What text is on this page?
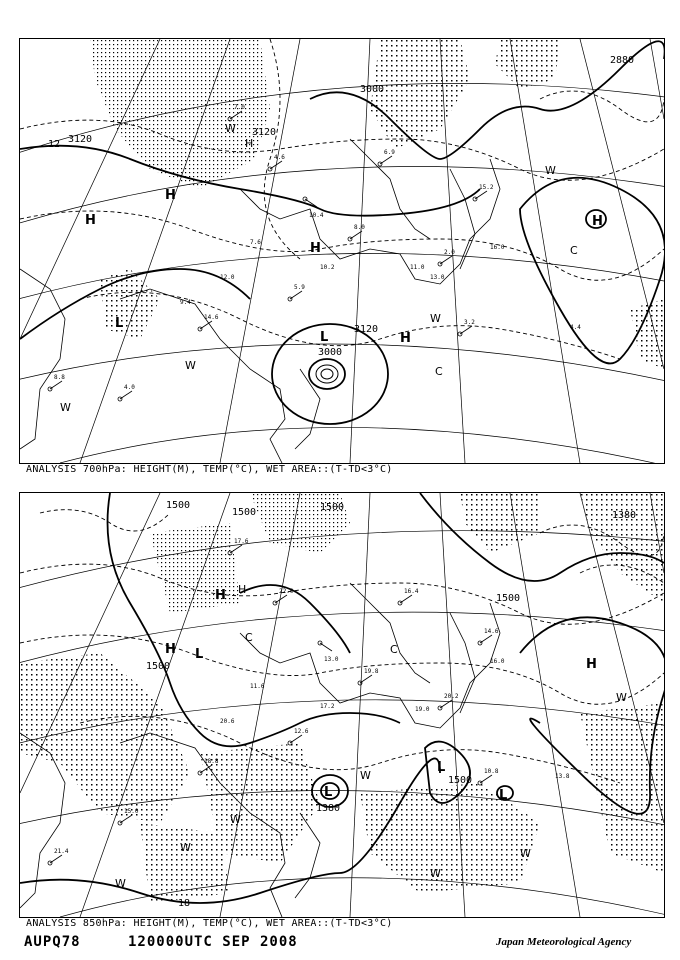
7.0
4.6
10.4
8.0
6.9
2.0
15.2
14.6
5.9
4.0
8.8
3.2
10.2	11.0
7.6
13.0
16.0
9.4
4.4
12.0
3120
3120
3000
2880
3120
3000
12
H
H
H
L
L	H
H
C
C
W
W
W
W
W
H
ANALYSIS 700hPa: HEIGHT(M), TEMP(°C), WET AREA::(T-TD<3°C)
17.6
22.0
13.0
19.8
16.4
20.2
14.6
18.8
12.6
15.0
21.4
10.8
17.2	19.0
11.6
16.0
13.8
20.6
1500
1500	1500
1380
1500
1500
1380
1500
18
H
H
H
L
L
L
L
C
C
W
W
W
W
W
W
W
H
ANALYSIS 850hPa: HEIGHT(M), TEMP(°C), WET AREA::(T-TD<3°C)
AUPQ78	120000UTC SEP 2008	Japan Meteorological Agency
